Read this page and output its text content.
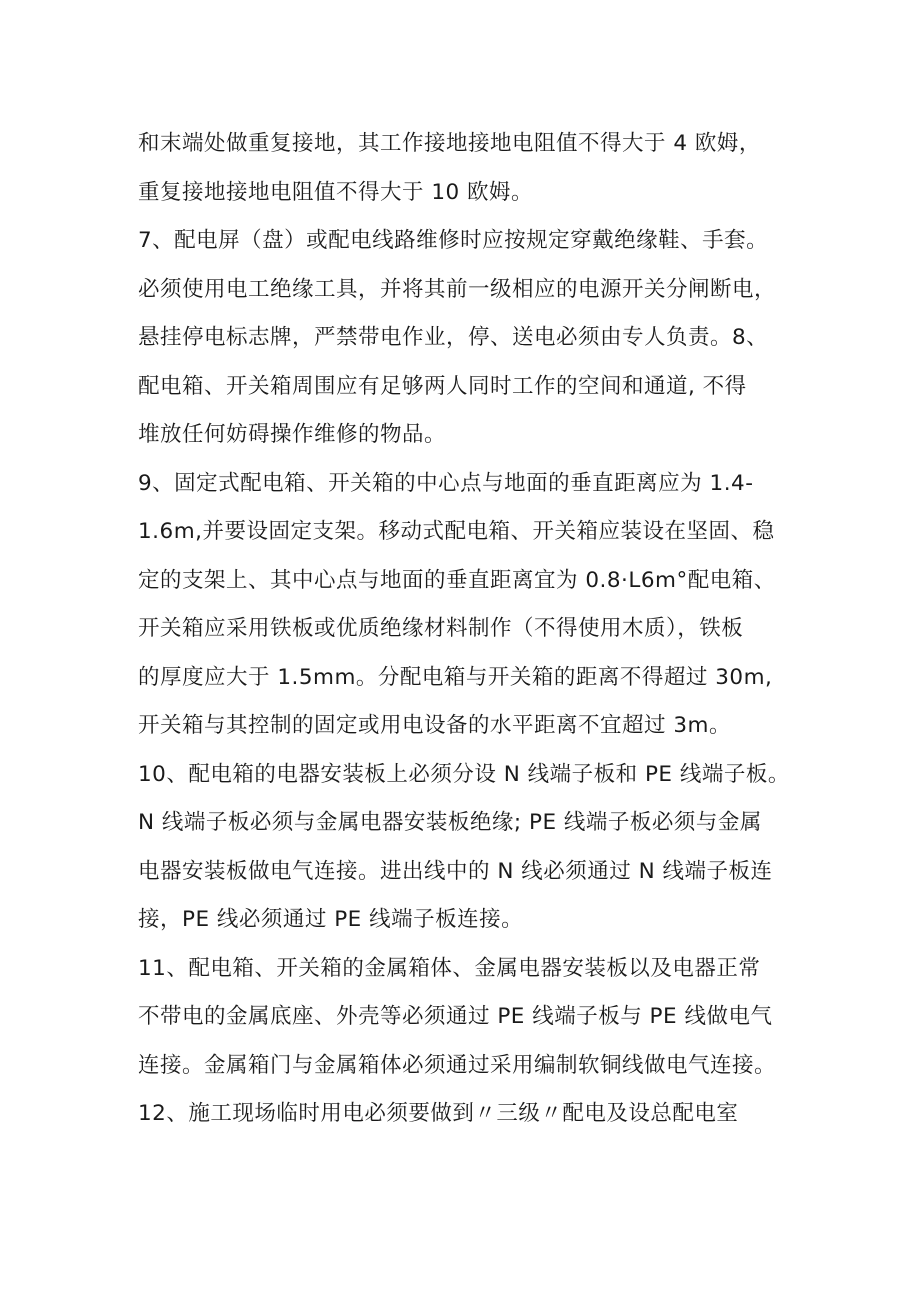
和末端处做重复接地，其工作接地接地电阻值不得大于 4 欧姆，
重复接地接地电阻值不得大于 10 欧姆。
7、配电屏（盘）或配电线路维修时应按规定穿戴绝缘鞋、手套。
必须使用电工绝缘工具，并将其前一级相应的电源开关分闸断电，
悬挂停电标志牌，严禁带电作业，停、送电必须由专人负责。8、
配电箱、开关箱周围应有足够两人同时工作的空间和通道, 不得
堆放任何妨碍操作维修的物品。
9、固定式配电箱、开关箱的中心点与地面的垂直距离应为 1.4-
1.6m,并要设固定支架。移动式配电箱、开关箱应装设在坚固、稳
定的支架上、其中心点与地面的垂直距离宜为 0.8·L6m°配电箱、
开关箱应采用铁板或优质绝缘材料制作（不得使用木质），铁板
的厚度应大于 1.5mm。分配电箱与开关箱的距离不得超过 30m,
开关箱与其控制的固定或用电设备的水平距离不宜超过 3m。
10、配电箱的电器安装板上必须分设 N 线端子板和 PE 线端子板。
N 线端子板必须与金属电器安装板绝缘; PE 线端子板必须与金属
电器安装板做电气连接。进出线中的 N 线必须通过 N 线端子板连
接，PE 线必须通过 PE 线端子板连接。
11、配电箱、开关箱的金属箱体、金属电器安装板以及电器正常
不带电的金属底座、外壳等必须通过 PE 线端子板与 PE 线做电气
连接。金属箱门与金属箱体必须通过采用编制软铜线做电气连接。
12、施工现场临时用电必须要做到〃三级〃配电及设总配电室
